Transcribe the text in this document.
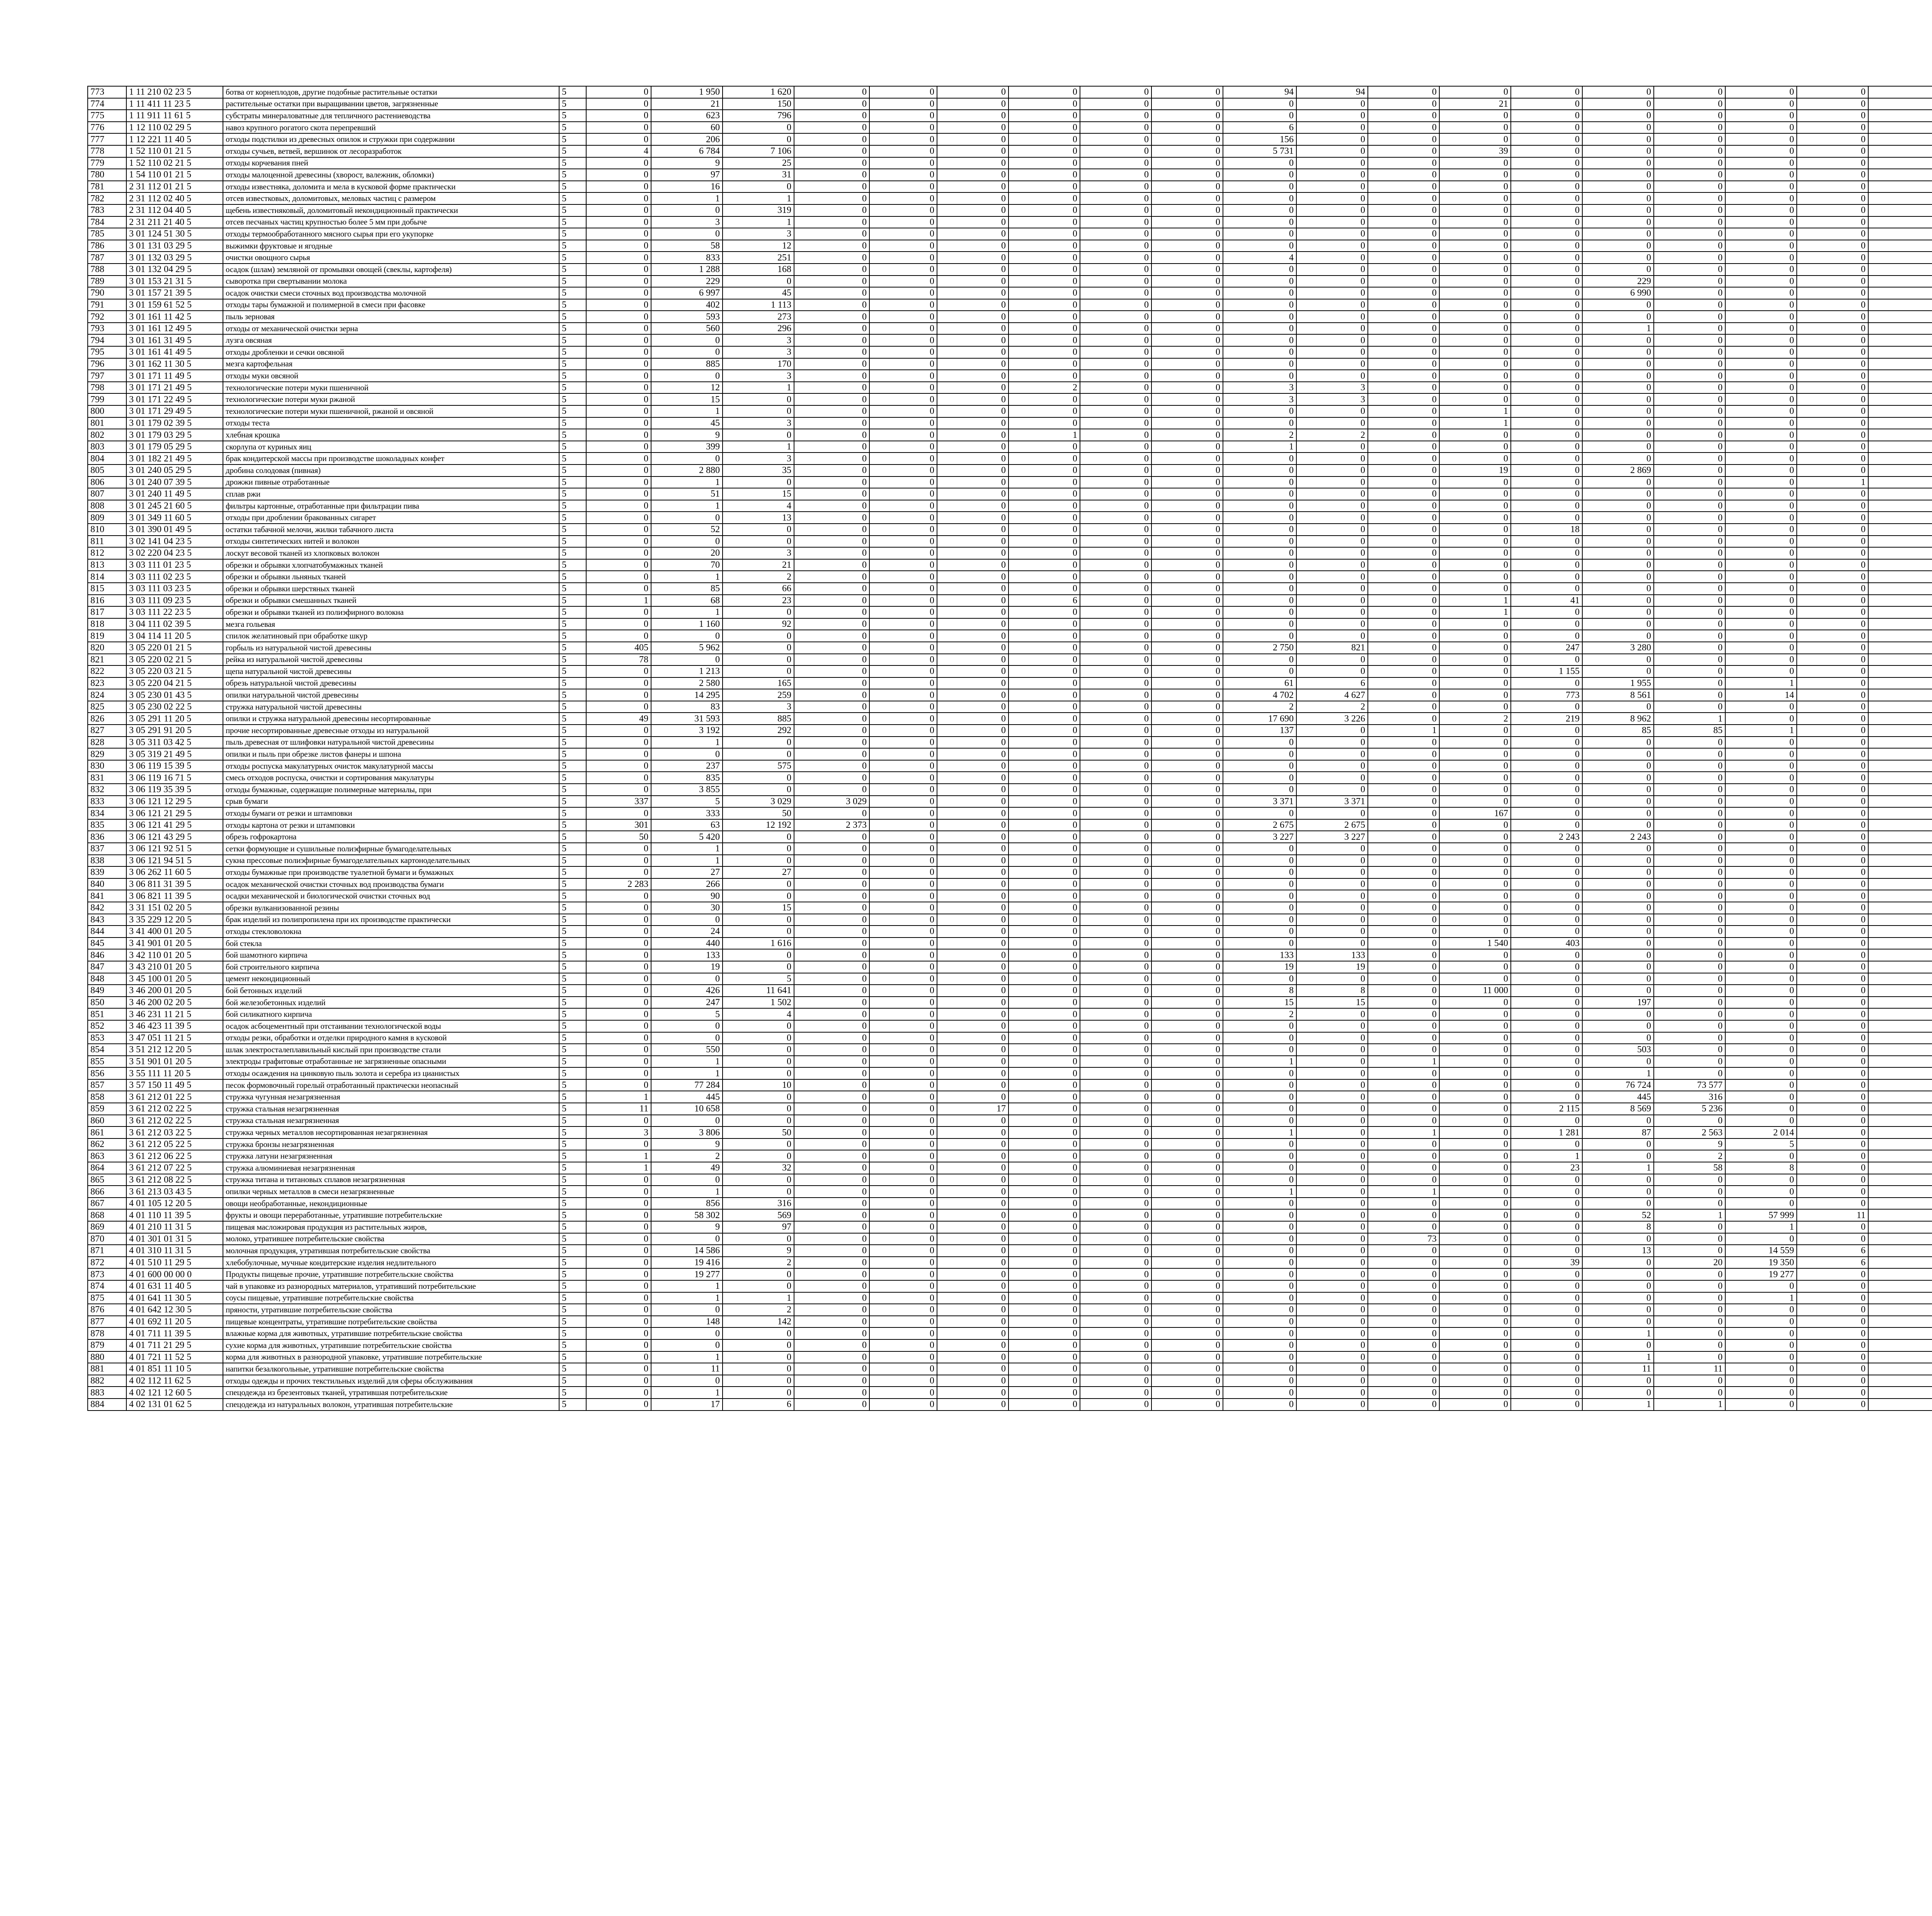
773	1 11 210 02 23 5	ботва от корнеплодов, другие подобные растительные остатки	5	0	1 950	1 620	0	0	0	0	0	0	94	94	0	0	0	0	0	0	0												
774	1 11 411 11 23 5	растительные остатки при выращивании цветов, загрязненные	5	0	21	150	0	0	0	0	0	0	0	0	0	21	0	0	0	0	0												
775	1 11 911 11 61 5	субстраты минераловатные для тепличного растениеводства	5	0	623	796	0	0	0	0	0	0	0	0	0	0	0	0	0	0	0												
776	1 12 110 02 29 5	навоз крупного рогатого скота перепревший	5	0	60	0	0	0	0	0	0	0	6	0	0	0	0	0	0	0	0												
777	1 12 221 11 40 5	отходы подстилки из древесных опилок и стружки при содержании	5	0	206	0	0	0	0	0	0	0	156	0	0	0	0	0	0	0	0												
778	1 52 110 01 21 5	отходы сучьев, ветвей, вершинок от лесоразработок	5	4	6 784	7 106	0	0	0	0	0	0	5 731	0	0	39	0	0	0	0	0												
779	1 52 110 02 21 5	отходы корчевания пней	5	0	9	25	0	0	0	0	0	0	0	0	0	0	0	0	0	0	0												
780	1 54 110 01 21 5	отходы малоценной древесины (хворост, валежник, обломки)	5	0	97	31	0	0	0	0	0	0	0	0	0	0	0	0	0	0	0												
781	2 31 112 01 21 5	отходы известняка, доломита и мела в кусковой форме практически	5	0	16	0	0	0	0	0	0	0	0	0	0	0	0	0	0	0	0												
782	2 31 112 02 40 5	отсев известковых, доломитовых, меловых частиц с размером	5	0	1	1	0	0	0	0	0	0	0	0	0	0	0	0	0	0	0												
783	2 31 112 04 40 5	щебень известняковый, доломитовый некондиционный практически	5	0	0	319	0	0	0	0	0	0	0	0	0	0	0	0	0	0	0												
784	2 31 211 21 40 5	отсев песчаных частиц крупностью более 5 мм при добыче	5	0	3	1	0	0	0	0	0	0	0	0	0	0	0	0	0	0	0												
785	3 01 124 51 30 5	отходы термообработанного мясного сырья при его укупорке	5	0	0	3	0	0	0	0	0	0	0	0	0	0	0	0	0	0	0												
786	3 01 131 03 29 5	выжимки фруктовые и ягодные	5	0	58	12	0	0	0	0	0	0	0	0	0	0	0	0	0	0	0												
787	3 01 132 03 29 5	очистки овощного сырья	5	0	833	251	0	0	0	0	0	0	4	0	0	0	0	0	0	0	0												
788	3 01 132 04 29 5	осадок (шлам) земляной от промывки овощей (свеклы, картофеля)	5	0	1 288	168	0	0	0	0	0	0	0	0	0	0	0	0	0	0	0												
789	3 01 153 21 31 5	сыворотка при свертывании молока	5	0	229	0	0	0	0	0	0	0	0	0	0	0	0	229	0	0	0												
790	3 01 157 21 39 5	осадок очистки смеси сточных вод производства молочной	5	0	6 997	45	0	0	0	0	0	0	0	0	0	0	0	6 990	0	0	0												
791	3 01 159 61 52 5	отходы тары бумажной и полимерной в смеси при фасовке	5	0	402	1 113	0	0	0	0	0	0	0	0	0	0	0	0	0	0	0												
792	3 01 161 11 42 5	пыль зерновая	5	0	593	273	0	0	0	0	0	0	0	0	0	0	0	0	0	0	0												
793	3 01 161 12 49 5	отходы от механической очистки зерна	5	0	560	296	0	0	0	0	0	0	0	0	0	0	0	1	0	0	0												
794	3 01 161 31 49 5	лузга овсяная	5	0	0	3	0	0	0	0	0	0	0	0	0	0	0	0	0	0	0												
795	3 01 161 41 49 5	отходы дробленки и сечки овсяной	5	0	0	3	0	0	0	0	0	0	0	0	0	0	0	0	0	0	0												
796	3 01 162 11 30 5	мезга картофельная	5	0	885	170	0	0	0	0	0	0	0	0	0	0	0	0	0	0	0												
797	3 01 171 11 49 5	отходы муки овсяной	5	0	0	3	0	0	0	0	0	0	0	0	0	0	0	0	0	0	0												
798	3 01 171 21 49 5	технологические потери муки пшеничной	5	0	12	1	0	0	0	2	0	0	3	3	0	0	0	0	0	0	0												
799	3 01 171 22 49 5	технологические потери муки ржаной	5	0	15	0	0	0	0	0	0	0	3	3	0	0	0	0	0	0	0												
800	3 01 171 29 49 5	технологические потери муки пшеничной, ржаной и овсяной	5	0	1	0	0	0	0	0	0	0	0	0	0	1	0	0	0	0	0												
801	3 01 179 02 39 5	отходы теста	5	0	45	3	0	0	0	0	0	0	0	0	0	1	0	0	0	0	0												
802	3 01 179 03 29 5	хлебная крошка	5	0	9	0	0	0	0	1	0	0	2	2	0	0	0	0	0	0	0												
803	3 01 179 05 29 5	скорлупа от куриных яиц	5	0	399	1	0	0	0	0	0	0	1	0	0	0	0	0	0	0	0												
804	3 01 182 21 49 5	брак кондитерской массы при производстве шоколадных конфет	5	0	0	3	0	0	0	0	0	0	0	0	0	0	0	0	0	0	0												
805	3 01 240 05 29 5	дробина солодовая (пивная)	5	0	2 880	35	0	0	0	0	0	0	0	0	0	19	0	2 869	0	0	0												
806	3 01 240 07 39 5	дрожжи пивные отработанные	5	0	1	0	0	0	0	0	0	0	0	0	0	0	0	0	0	0	1												
807	3 01 240 11 49 5	сплав ржи	5	0	51	15	0	0	0	0	0	0	0	0	0	0	0	0	0	0	0												
808	3 01 245 21 60 5	фильтры картонные, отработанные при фильтрации пива	5	0	1	4	0	0	0	0	0	0	0	0	0	0	0	0	0	0	0												
809	3 01 349 11 60 5	отходы при дроблении бракованных сигарет	5	0	0	13	0	0	0	0	0	0	0	0	0	0	0	0	0	0	0												
810	3 01 390 01 49 5	остатки табачной мелочи, жилки табачного листа	5	0	52	0	0	0	0	0	0	0	0	0	0	0	18	0	0	0	0												
811	3 02 141 04 23 5	отходы синтетических нитей и волокон	5	0	0	0	0	0	0	0	0	0	0	0	0	0	0	0	0	0	0												
812	3 02 220 04 23 5	лоскут весовой тканей из хлопковых волокон	5	0	20	3	0	0	0	0	0	0	0	0	0	0	0	0	0	0	0												
813	3 03 111 01 23 5	обрезки и обрывки хлопчатобумажных тканей	5	0	70	21	0	0	0	0	0	0	0	0	0	0	0	0	0	0	0												
814	3 03 111 02 23 5	обрезки и обрывки льняных тканей	5	0	1	2	0	0	0	0	0	0	0	0	0	0	0	0	0	0	0												
815	3 03 111 03 23 5	обрезки и обрывки шерстяных тканей	5	0	85	66	0	0	0	0	0	0	0	0	0	0	0	0	0	0	0												
816	3 03 111 09 23 5	обрезки и обрывки смешанных тканей	5	1	68	23	0	0	0	6	0	0	0	0	0	1	41	0	0	0	0												
817	3 03 111 22 23 5	обрезки и обрывки тканей из полиэфирного волокна	5	0	1	0	0	0	0	0	0	0	0	0	0	1	0	0	0	0	0												
818	3 04 111 02 39 5	мезга гольевая	5	0	1 160	92	0	0	0	0	0	0	0	0	0	0	0	0	0	0	0												
819	3 04 114 11 20 5	спилок желатиновый при обработке шкур	5	0	0	0	0	0	0	0	0	0	0	0	0	0	0	0	0	0	0												
820	3 05 220 01 21 5	горбыль из натуральной чистой древесины	5	405	5 962	0	0	0	0	0	0	0	2 750	821	0	0	247	3 280	0	0	0												
821	3 05 220 02 21 5	рейка из натуральной чистой древесины	5	78	0	0	0	0	0	0	0	0	0	0	0	0	0	0	0	0	0												
822	3 05 220 03 21 5	щепа натуральной чистой древесины	5	0	1 213	0	0	0	0	0	0	0	0	0	0	0	1 155	0	0	0	0												
823	3 05 220 04 21 5	обрезь натуральной чистой древесины	5	0	2 580	165	0	0	0	0	0	0	61	6	0	0	0	1 955	0	1	0												
824	3 05 230 01 43 5	опилки натуральной чистой древесины	5	0	14 295	259	0	0	0	0	0	0	4 702	4 627	0	0	773	8 561	0	14	0												
825	3 05 230 02 22 5	стружка натуральной чистой древесины	5	0	83	3	0	0	0	0	0	0	2	2	0	0	0	0	0	0	0												
826	3 05 291 11 20 5	опилки и стружка натуральной древесины несортированные	5	49	31 593	885	0	0	0	0	0	0	17 690	3 226	0	2	219	8 962	1	0	0												
827	3 05 291 91 20 5	прочие несортированные древесные отходы из натуральной	5	0	3 192	292	0	0	0	0	0	0	137	0	1	0	0	85	85	1	0												
828	3 05 311 03 42 5	пыль древесная от шлифовки натуральной чистой древесины	5	0	1	0	0	0	0	0	0	0	0	0	0	0	0	0	0	0	0												
829	3 05 319 21 49 5	опилки и пыль при обрезке листов фанеры и шпона	5	0	0	0	0	0	0	0	0	0	0	0	0	0	0	0	0	0	0												
830	3 06 119 15 39 5	отходы роспуска макулатурных очисток макулатурной массы	5	0	237	575	0	0	0	0	0	0	0	0	0	0	0	0	0	0	0												
831	3 06 119 16 71 5	смесь отходов роспуска, очистки и сортирования макулатуры	5	0	835	0	0	0	0	0	0	0	0	0	0	0	0	0	0	0	0												
832	3 06 119 35 39 5	отходы бумажные, содержащие полимерные материалы, при	5	0	3 855	0	0	0	0	0	0	0	0	0	0	0	0	0	0	0	0												
833	3 06 121 12 29 5	срыв бумаги	5	337	5	3 029	3 029	0	0	0	0	0	3 371	3 371	0	0	0	0	0	0	0												
834	3 06 121 21 29 5	отходы бумаги от резки и штамповки	5	0	333	50	0	0	0	0	0	0	0	0	0	167	0	0	0	0	0												
835	3 06 121 41 29 5	отходы картона от резки и штамповки	5	301	63	12 192	2 373	0	0	0	0	0	2 675	2 675	0	0	0	0	0	0	0												
836	3 06 121 43 29 5	обрезь гофрокартона	5	50	5 420	0	0	0	0	0	0	0	3 227	3 227	0	0	2 243	2 243	0	0	0												
837	3 06 121 92 51 5	сетки формующие и сушильные полиэфирные бумагоделательных	5	0	1	0	0	0	0	0	0	0	0	0	0	0	0	0	0	0	0												
838	3 06 121 94 51 5	сукна прессовые полиэфирные бумагоделательных картоноделательных	5	0	1	0	0	0	0	0	0	0	0	0	0	0	0	0	0	0	0												
839	3 06 262 11 60 5	отходы бумажные при производстве туалетной бумаги и бумажных	5	0	27	27	0	0	0	0	0	0	0	0	0	0	0	0	0	0	0												
840	3 06 811 31 39 5	осадок механической очистки сточных вод производства бумаги	5	2 283	266	0	0	0	0	0	0	0	0	0	0	0	0	0	0	0	0												
841	3 06 821 11 39 5	осадки механической и биологической очистки сточных вод	5	0	90	0	0	0	0	0	0	0	0	0	0	0	0	0	0	0	0												
842	3 31 151 02 20 5	обрезки вулканизованной резины	5	0	30	15	0	0	0	0	0	0	0	0	0	0	0	0	0	0	0												
843	3 35 229 12 20 5	брак изделий из полипропилена при их производстве практически	5	0	0	0	0	0	0	0	0	0	0	0	0	0	0	0	0	0	0												
844	3 41 400 01 20 5	отходы стекловолокна	5	0	24	0	0	0	0	0	0	0	0	0	0	0	0	0	0	0	0												
845	3 41 901 01 20 5	бой стекла	5	0	440	1 616	0	0	0	0	0	0	0	0	0	1 540	403	0	0	0	0												
846	3 42 110 01 20 5	бой шамотного кирпича	5	0	133	0	0	0	0	0	0	0	133	133	0	0	0	0	0	0	0												
847	3 43 210 01 20 5	бой строительного кирпича	5	0	19	0	0	0	0	0	0	0	19	19	0	0	0	0	0	0	0												
848	3 45 100 01 20 5	цемент некондиционный	5	0	0	5	0	0	0	0	0	0	0	0	0	0	0	0	0	0	0												
849	3 46 200 01 20 5	бой бетонных изделий	5	0	426	11 641	0	0	0	0	0	0	8	8	0	11 000	0	0	0	0	0												
850	3 46 200 02 20 5	бой железобетонных изделий	5	0	247	1 502	0	0	0	0	0	0	15	15	0	0	0	197	0	0	0												
851	3 46 231 11 21 5	бой силикатного кирпича	5	0	5	4	0	0	0	0	0	0	2	0	0	0	0	0	0	0	0												
852	3 46 423 11 39 5	осадок асбоцементный при отстаивании технологической воды	5	0	0	0	0	0	0	0	0	0	0	0	0	0	0	0	0	0	0												
853	3 47 051 11 21 5	отходы резки, обработки и отделки природного камня в кусковой	5	0	0	0	0	0	0	0	0	0	0	0	0	0	0	0	0	0	0												
854	3 51 212 12 20 5	шлак электросталеплавильный кислый при производстве стали	5	0	550	0	0	0	0	0	0	0	0	0	0	0	0	503	0	0	0												
855	3 51 901 01 20 5	электроды графитовые отработанные не загрязненные опасными	5	0	1	0	0	0	0	0	0	0	1	0	1	0	0	0	0	0	0												
856	3 55 111 11 20 5	отходы осаждения на цинковую пыль золота и серебра из цианистых	5	0	1	0	0	0	0	0	0	0	0	0	0	0	0	1	0	0	0												
857	3 57 150 11 49 5	песок формовочный горелый отработанный практически неопасный	5	0	77 284	10	0	0	0	0	0	0	0	0	0	0	0	76 724	73 577	0	0												
858	3 61 212 01 22 5	стружка чугунная незагрязненная	5	1	445	0	0	0	0	0	0	0	0	0	0	0	0	445	316	0	0												
859	3 61 212 02 22 5	стружка стальная незагрязненная	5	11	10 658	0	0	0	17	0	0	0	0	0	0	0	2 115	8 569	5 236	0	0												
860	3 61 212 02 22 5	стружка стальная незагрязненная	5	0	0	0	0	0	0	0	0	0	0	0	0	0	0	0	0	0	0												
861	3 61 212 03 22 5	стружка черных металлов несортированная незагрязненная	5	3	3 806	50	0	0	0	0	0	0	1	0	1	0	1 281	87	2 563	2 014	0												
862	3 61 212 05 22 5	стружка бронзы незагрязненная	5	0	9	0	0	0	0	0	0	0	0	0	0	0	0	0	9	5	0												
863	3 61 212 06 22 5	стружка латуни незагрязненная	5	1	2	0	0	0	0	0	0	0	0	0	0	0	1	0	2	0	0												
864	3 61 212 07 22 5	стружка алюминиевая незагрязненная	5	1	49	32	0	0	0	0	0	0	0	0	0	0	23	1	58	8	0												
865	3 61 212 08 22 5	стружка титана и титановых сплавов незагрязненная	5	0	0	0	0	0	0	0	0	0	0	0	0	0	0	0	0	0	0												
866	3 61 213 03 43 5	опилки черных металлов в смеси незагрязненные	5	0	1	0	0	0	0	0	0	0	1	0	1	0	0	0	0	0	0												
867	4 01 105 12 20 5	овощи необработанные, некондиционные	5	0	856	316	0	0	0	0	0	0	0	0	0	0	0	0	0	0	0												
868	4 01 110 11 39 5	фрукты и овощи переработанные, утратившие потребительские	5	0	58 302	569	0	0	0	0	0	0	0	0	0	0	0	52	1	57 999	11												
869	4 01 210 11 31 5	пищевая масложировая продукция из растительных жиров,	5	0	9	97	0	0	0	0	0	0	0	0	0	0	0	8	0	1	0												
870	4 01 301 01 31 5	молоко, утратившее потребительские свойства	5	0	0	0	0	0	0	0	0	0	0	0	73	0	0	0	0	0	0												
871	4 01 310 11 31 5	молочная продукция, утратившая потребительские свойства	5	0	14 586	9	0	0	0	0	0	0	0	0	0	0	0	13	0	14 559	6												
872	4 01 510 11 29 5	хлебобулочные, мучные кондитерские изделия недлительного	5	0	19 416	2	0	0	0	0	0	0	0	0	0	0	39	0	20	19 350	6												
873	4 01 600 00 00 0	Продукты пищевые прочие, утратившие потребительские свойства	5	0	19 277	0	0	0	0	0	0	0	0	0	0	0	0	0	0	19 277	0												
874	4 01 631 11 40 5	чай в упаковке из разнородных материалов, утративший потребительские	5	0	1	0	0	0	0	0	0	0	0	0	0	0	0	0	0	0	0												
875	4 01 641 11 30 5	соусы пищевые, утратившие потребительские свойства	5	0	1	1	0	0	0	0	0	0	0	0	0	0	0	0	0	1	0												
876	4 01 642 12 30 5	пряности, утратившие потребительские свойства	5	0	0	2	0	0	0	0	0	0	0	0	0	0	0	0	0	0	0												
877	4 01 692 11 20 5	пищевые концентраты, утратившие потребительские свойства	5	0	148	142	0	0	0	0	0	0	0	0	0	0	0	0	0	0	0												
878	4 01 711 11 39 5	влажные корма для животных, утратившие потребительские свойства	5	0	0	0	0	0	0	0	0	0	0	0	0	0	0	1	0	0	0												
879	4 01 711 21 29 5	сухие корма для животных, утратившие потребительские свойства	5	0	0	0	0	0	0	0	0	0	0	0	0	0	0	0	0	0	0												
880	4 01 721 11 52 5	корма для животных в разнородной упаковке, утратившие потребительские	5	0	1	0	0	0	0	0	0	0	0	0	0	0	0	1	0	0	0												
881	4 01 851 11 10 5	напитки безалкогольные, утратившие потребительские свойства	5	0	11	0	0	0	0	0	0	0	0	0	0	0	0	11	11	0	0												
882	4 02 112 11 62 5	отходы одежды и прочих текстильных изделий для сферы обслуживания	5	0	0	0	0	0	0	0	0	0	0	0	0	0	0	0	0	0	0												
883	4 02 121 12 60 5	спецодежда из брезентовых тканей, утратившая потребительские	5	0	1	0	0	0	0	0	0	0	0	0	0	0	0	0	0	0	0												
884	4 02 131 01 62 5	спецодежда из натуральных волокон, утратившая потребительские	5	0	17	6	0	0	0	0	0	0	0	0	0	0	0	1	1	0	0												
